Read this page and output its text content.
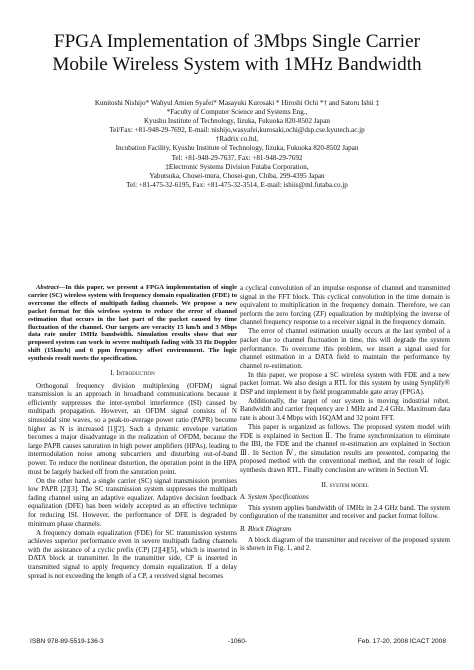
FPGA Implementation of 3Mbps Single Carrier
Mobile Wireless System with 1MHz Bandwidth
Kunitoshi Nishijo* Wahyul Amien Syafei* Masayuki Kurosaki * Hiroshi Ochi *† and Satoru Ishii ‡
*Faculty of Computer Science and Systems Eng.,
Kyushu Institute of Technology, Iizuka, Fukuoka 820-8502 Japan
Tel/Fax: +81-948-29-7692, E-mail: nishijo,wasyafei,kurosaki,ochi@dsp.cse.kyutech.ac.jp
†Radrix co.ltd,
Incubation Facility, Kyushu Institute of Technology, Iizuka, Fukuoka 820-8502 Japan
Tel: +81-948-29-7637, Fax: +81-948-29-7692
‡Electronic Systems Division Futaba Corporation,
Yabutsuka, Chosei-mura, Chosei-gun, Chiba, 299-4395 Japan
Tel: +81-475-32-6195, Fax: +81-475-32-3514, E-mail: ishiis@ml.futaba.co.jp

Abstract—In this paper, we present a FPGA implementation of single carrier (SC) wireless system with frequency domain equalization (FDE) to overcome the effects of multipath fading channels. We propose a new packet format for this wireless system to reduce the error of channel estimation that occurs in the last part of the packet caused by time fluctuation of the channel. Our targets are veracity 15 km/h and 3 Mbps data rate under 1MHz bandwidth. Simulation results show that our proposed system can work in severe multipath fading with 33 Hz Doppler shift (15km/h) and 6 ppm frequency offset environment. The logic synthesis result meets the specification.

I. Introduction

Orthogonal frequency division multiplexing (OFDM) signal transmission is an approach in broadband communications because it efficiently suppresses the inter-symbol interference (ISI) caused by multipath propagation. However, an OFDM signal consists of N sinusoidal sine waves, so a peak-to-average power ratio (PAPR) become higher as N is increased [1][2]. Such a dynamic envelope variation becomes a major disadvantage in the realization of OFDM, because the large PAPR causes saturation in high power amplifiers (HPAs), leading to intermodulation noise among subcarriers and disturbing out-of-band power. To reduce the nonlinear distortion, the operation point in the HPA must be largely backed off from the saturation point.

On the other hand, a single carrier (SC) signal transmission promises low PAPR [2][3]. The SC transmission system suppresses the multipath fading channel using an adaptive equalizer. Adaptive decision feedback equalization (DFE) has been widely accepted as an effective technique for reducing ISI. However, the performance of DFE is degraded by minimum phase channels.

A frequency domain equalization (FDE) for SC transmission systems achieves superior performance even in severe multipath fading channels with the assistance of a cyclic prefix (CP) [2][4][5], which is inserted in DATA block at transmitter. In the transmitter side, CP is inserted in transmitted signal to apply frequency domain equalization. If a delay spread is not exceeding the length of a CP, a received signal becomes

a cyclical convolution of an impulse response of channel and transmitted signal in the FFT block. This cyclical convolution in the time domain is equivalent to multiplication in the frequency domain. Therefore, we can perform the zero forcing (ZF) equalization by multiplying the inverse of channel frequency response to a receiver signal in the frequency domain.

The error of channel estimation usually occurs at the last symbol of a packet due to channel fluctuation in time, this will degrade the system performance. To overcome this problem, we insert a signal used for channel estimation in a DATA field to maintain the performance by channel re-estimation.

In this paper, we propose a SC wireless system with FDE and a new packet format. We also design a RTL for this system by using Synplify® DSP and implement it by field programmable gate array (FPGA).

Additionally, the target of our system is moving industrial robot. Bandwidth and carrier frequency are 1 MHz and 2.4 GHz. Maximum data rate is about 3.4 Mbps with 16QAM and 32 point FFT.

This paper is organized as follows. The proposed system model with FDE is explained in Section Ⅱ. The frame synchronization to eliminate the IBI, the FDE and the channel re-estimation are explained in Section Ⅲ. In Section Ⅳ, the simulation results are presented, comparing the proposed method with the conventional method, and the result of logic synthesis drawn RTL. Finally conclusion are written in Section Ⅵ.

II. system model
A. System Specifications

This system applies bandwidth of 1MHz in 2.4 GHz band. The system configuration of the transmitter and receiver and packet format follow.

B. Block Diagram

A block diagram of the transmitter and receiver of the proposed system is shown in Fig. 1, and 2.

ISBN 978-89-5519-136-3	-1060-	Feb. 17-20, 2008 ICACT 2008
